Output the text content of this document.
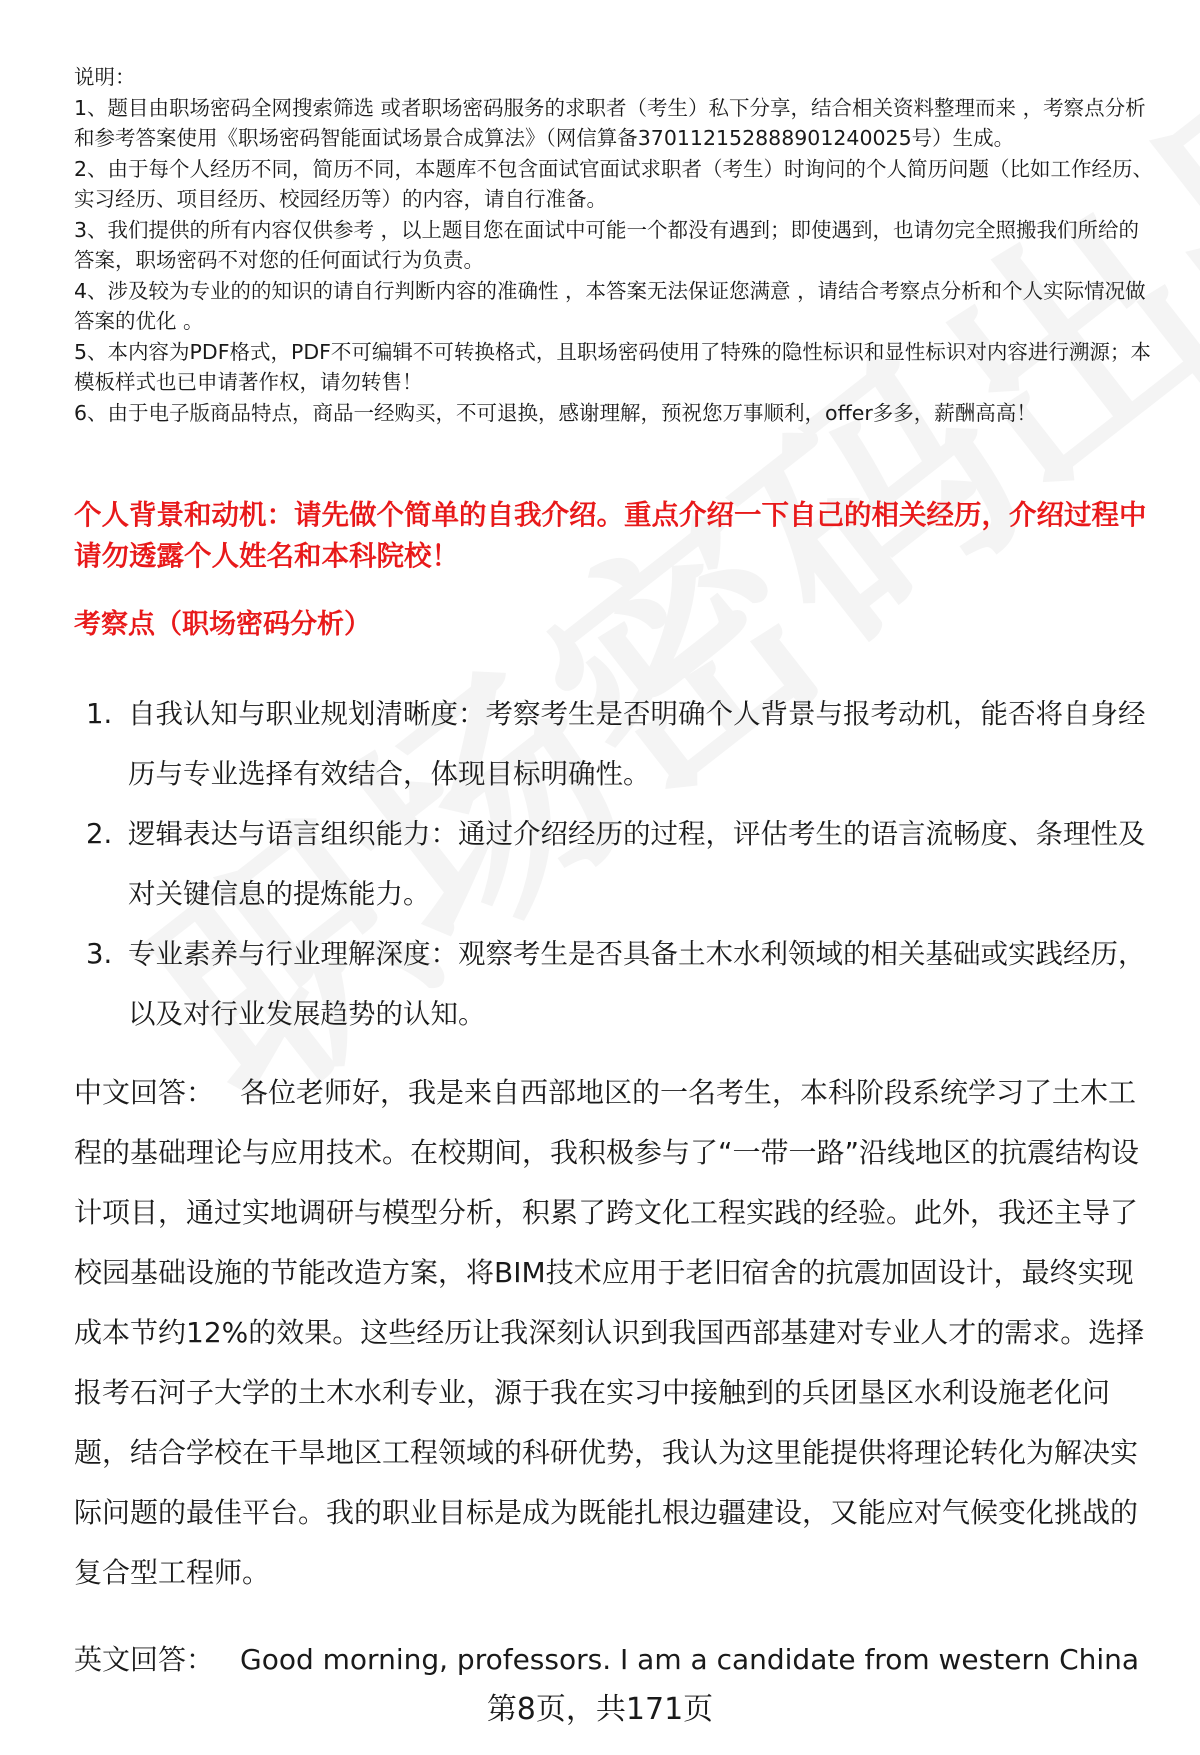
说明：

1、题目由职场密码全网搜索筛选 或者职场密码服务的求职者（考生）私下分享，结合相关资料整理而来 ，考察点分析和参考答案使用《职场密码智能面试场景合成算法》（网信算备370112152888901240025号）生成。

2、由于每个人经历不同，简历不同，本题库不包含面试官面试求职者（考生）时询问的个人简历问题（比如工作经历、实习经历、项目经历、校园经历等）的内容，请自行准备。

3、我们提供的所有内容仅供参考 ，以上题目您在面试中可能一个都没有遇到；即使遇到，也请勿完全照搬我们所给的答案，职场密码不对您的任何面试行为负责。

4、涉及较为专业的的知识的请自行判断内容的准确性 ，本答案无法保证您满意 ，请结合考察点分析和个人实际情况做答案的优化 。

5、本内容为PDF格式，PDF不可编辑不可转换格式，且职场密码使用了特殊的隐性标识和显性标识对内容进行溯源；本模板样式也已申请著作权，请勿转售！

6、由于电子版商品特点，商品一经购买，不可退换，感谢理解，预祝您万事顺利，offer多多，薪酬高高！

个人背景和动机：请先做个简单的自我介绍。重点介绍一下自己的相关经历，介绍过程中请勿透露个人姓名和本科院校！
考察点（职场密码分析）
1. 自我认知与职业规划清晰度：考察考生是否明确个人背景与报考动机，能否将自身经历与专业选择有效结合，体现目标明确性。
2. 逻辑表达与语言组织能力：通过介绍经历的过程，评估考生的语言流畅度、条理性及对关键信息的提炼能力。
3. 专业素养与行业理解深度：观察考生是否具备土木水利领域的相关基础或实践经历，以及对行业发展趋势的认知。

中文回答： 各位老师好，我是来自西部地区的一名考生，本科阶段系统学习了土木工程的基础理论与应用技术。在校期间，我积极参与了“一带一路”沿线地区的抗震结构设计项目，通过实地调研与模型分析，积累了跨文化工程实践的经验。此外，我还主导了校园基础设施的节能改造方案，将BIM技术应用于老旧宿舍的抗震加固设计，最终实现成本节约12%的效果。这些经历让我深刻认识到我国西部基建对专业人才的需求。选择报考石河子大学的土木水利专业，源于我在实习中接触到的兵团垦区水利设施老化问题，结合学校在干旱地区工程领域的科研优势，我认为这里能提供将理论转化为解决实际问题的最佳平台。我的职业目标是成为既能扎根边疆建设，又能应对气候变化挑战的复合型工程师。

英文回答： Good morning, professors. I am a candidate from western China

第8页，共171页
